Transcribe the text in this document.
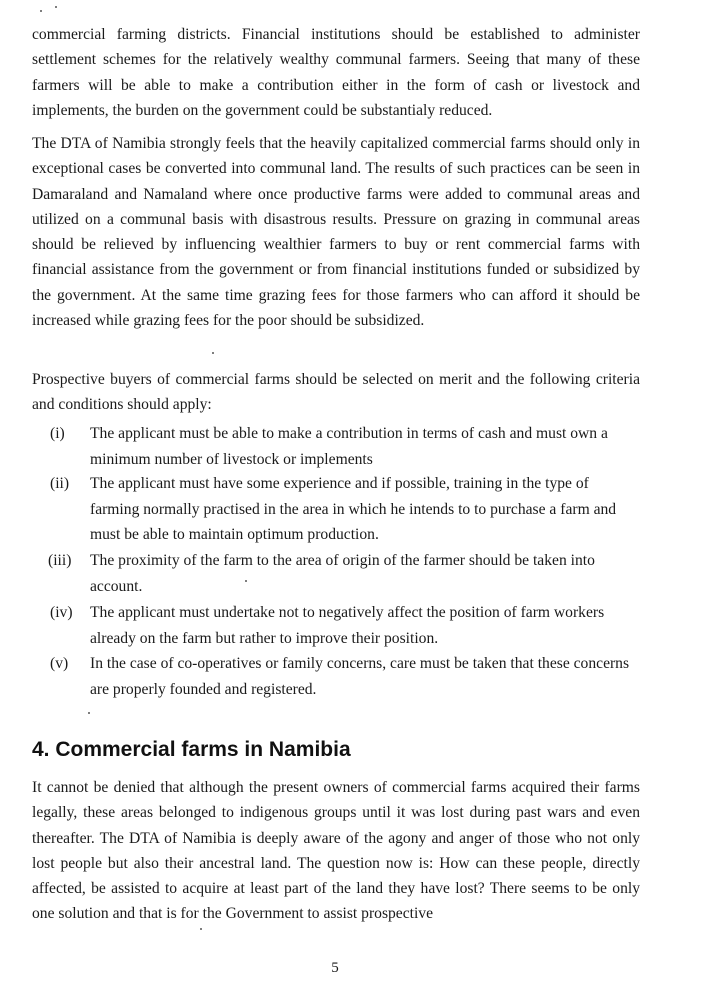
commercial farming districts. Financial institutions should be established to administer settlement schemes for the relatively wealthy communal farmers. Seeing that many of these farmers will be able to make a contribution either in the form of cash or livestock and implements, the burden on the government could be substantialy reduced.

The DTA of Namibia strongly feels that the heavily capitalized commercial farms should only in exceptional cases be converted into communal land. The results of such practices can be seen in Damaraland and Namaland where once productive farms were added to communal areas and utilized on a communal basis with disastrous results. Pressure on grazing in communal areas should be relieved by influencing wealthier farmers to buy or rent commercial farms with financial assistance from the government or from financial institutions funded or subsidized by the government. At the same time grazing fees for those farmers who can afford it should be increased while grazing fees for the poor should be subsidized.

Prospective buyers of commercial farms should be selected on merit and the following criteria and conditions should apply:

(i) The applicant must be able to make a contribution in terms of cash and must own a minimum number of livestock or implements

(ii) The applicant must have some experience and if possible, training in the type of farming normally practised in the area in which he intends to to purchase a farm and must be able to maintain optimum production.

(iii) The proximity of the farm to the area of origin of the farmer should be taken into account.

(iv) The applicant must undertake not to negatively affect the position of farm workers already on the farm but rather to improve their position.

(v) In the case of co-operatives or family concerns, care must be taken that these concerns are properly founded and registered.

4. Commercial farms in Namibia

It cannot be denied that although the present owners of commercial farms acquired their farms legally, these areas belonged to indigenous groups until it was lost during past wars and even thereafter. The DTA of Namibia is deeply aware of the agony and anger of those who not only lost people but also their ancestral land. The question now is: How can these people, directly affected, be assisted to acquire at least part of the land they have lost? There seems to be only one solution and that is for the Government to assist prospective

5
